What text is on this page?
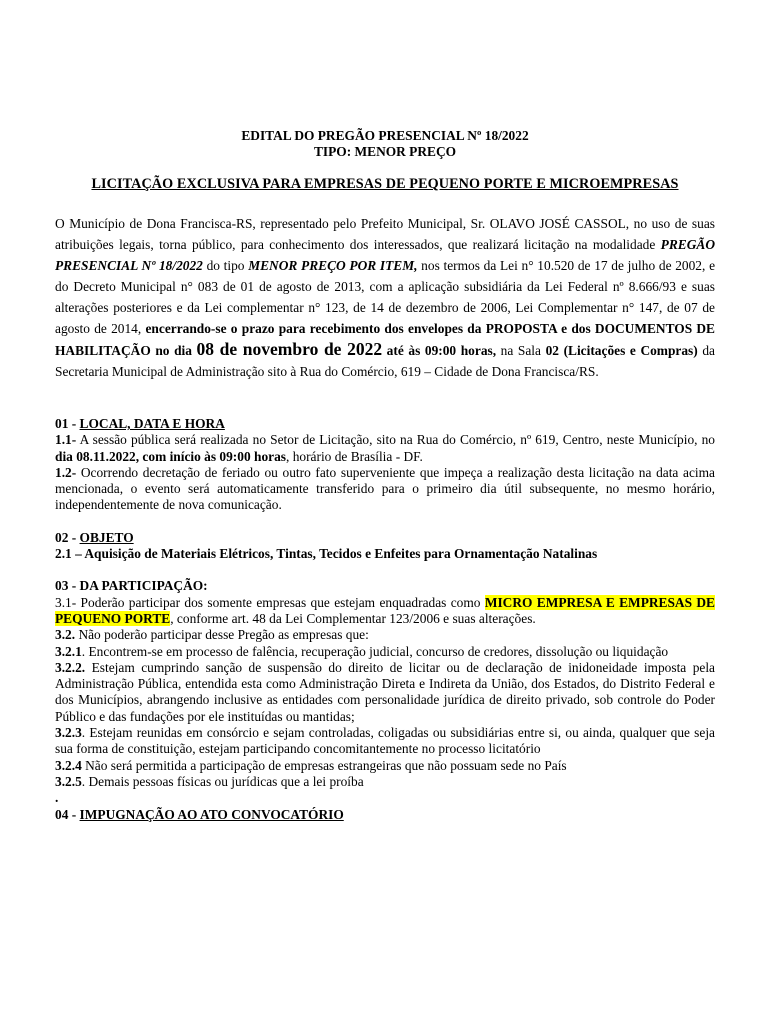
EDITAL DO PREGÃO PRESENCIAL Nº 18/2022
TIPO: MENOR PREÇO
LICITAÇÃO EXCLUSIVA PARA EMPRESAS DE PEQUENO PORTE E MICROEMPRESAS

O Município de Dona Francisca-RS, representado pelo Prefeito Municipal, Sr. OLAVO JOSÉ CASSOL, no uso de suas atribuições legais, torna público, para conhecimento dos interessados, que realizará licitação na modalidade PREGÃO PRESENCIAL Nº 18/2022 do tipo MENOR PREÇO POR ITEM, nos termos da Lei n° 10.520 de 17 de julho de 2002, e do Decreto Municipal n° 083 de 01 de agosto de 2013, com a aplicação subsidiária da Lei Federal nº 8.666/93 e suas alterações posteriores e da Lei complementar n° 123, de 14 de dezembro de 2006, Lei Complementar n° 147, de 07 de agosto de 2014, encerrando-se o prazo para recebimento dos envelopes da PROPOSTA e dos DOCUMENTOS DE HABILITAÇÃO no dia 08 de novembro de 2022 até às 09:00 horas, na Sala 02 (Licitações e Compras) da Secretaria Municipal de Administração sito à Rua do Comércio, 619 – Cidade de Dona Francisca/RS.

01 - LOCAL, DATA E HORA

1.1- A sessão pública será realizada no Setor de Licitação, sito na Rua do Comércio, nº 619, Centro, neste Município, no dia 08.11.2022, com início às 09:00 horas, horário de Brasília - DF.

1.2- Ocorrendo decretação de feriado ou outro fato superveniente que impeça a realização desta licitação na data acima mencionada, o evento será automaticamente transferido para o primeiro dia útil subsequente, no mesmo horário, independentemente de nova comunicação.

02 - OBJETO

2.1 – Aquisição de Materiais Elétricos, Tintas, Tecidos e Enfeites para Ornamentação Natalinas

03 - DA PARTICIPAÇÃO:

3.1- Poderão participar dos somente empresas que estejam enquadradas como MICRO EMPRESA E EMPRESAS DE PEQUENO PORTE, conforme art. 48 da Lei Complementar 123/2006 e suas alterações.

3.2. Não poderão participar desse Pregão as empresas que:

3.2.1. Encontrem-se em processo de falência, recuperação judicial, concurso de credores, dissolução ou liquidação

3.2.2. Estejam cumprindo sanção de suspensão do direito de licitar ou de declaração de inidoneidade imposta pela Administração Pública, entendida esta como Administração Direta e Indireta da União, dos Estados, do Distrito Federal e dos Municípios, abrangendo inclusive as entidades com personalidade jurídica de direito privado, sob controle do Poder Público e das fundações por ele instituídas ou mantidas;

3.2.3. Estejam reunidas em consórcio e sejam controladas, coligadas ou subsidiárias entre si, ou ainda, qualquer que seja sua forma de constituição, estejam participando concomitantemente no processo licitatório

3.2.4 Não será permitida a participação de empresas estrangeiras que não possuam sede no País

3.2.5. Demais pessoas físicas ou jurídicas que a lei proíba

.

04 - IMPUGNAÇÃO AO ATO CONVOCATÓRIO
